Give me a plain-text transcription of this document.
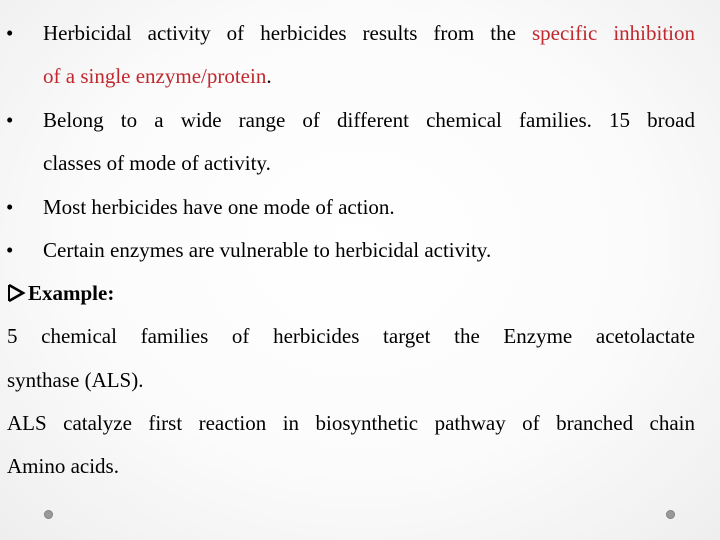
• Herbicidal activity of herbicides results from the specific inhibition
of a single enzyme/protein.
• Belong to a wide range of different chemical families. 15 broad
classes of mode of activity.
• Most herbicides have one mode of action.
• Certain enzymes are vulnerable to herbicidal activity.
Example:
5 chemical families of herbicides target the Enzyme acetolactate
synthase (ALS).
ALS catalyze first reaction in biosynthetic pathway of branched chain
Amino acids.
